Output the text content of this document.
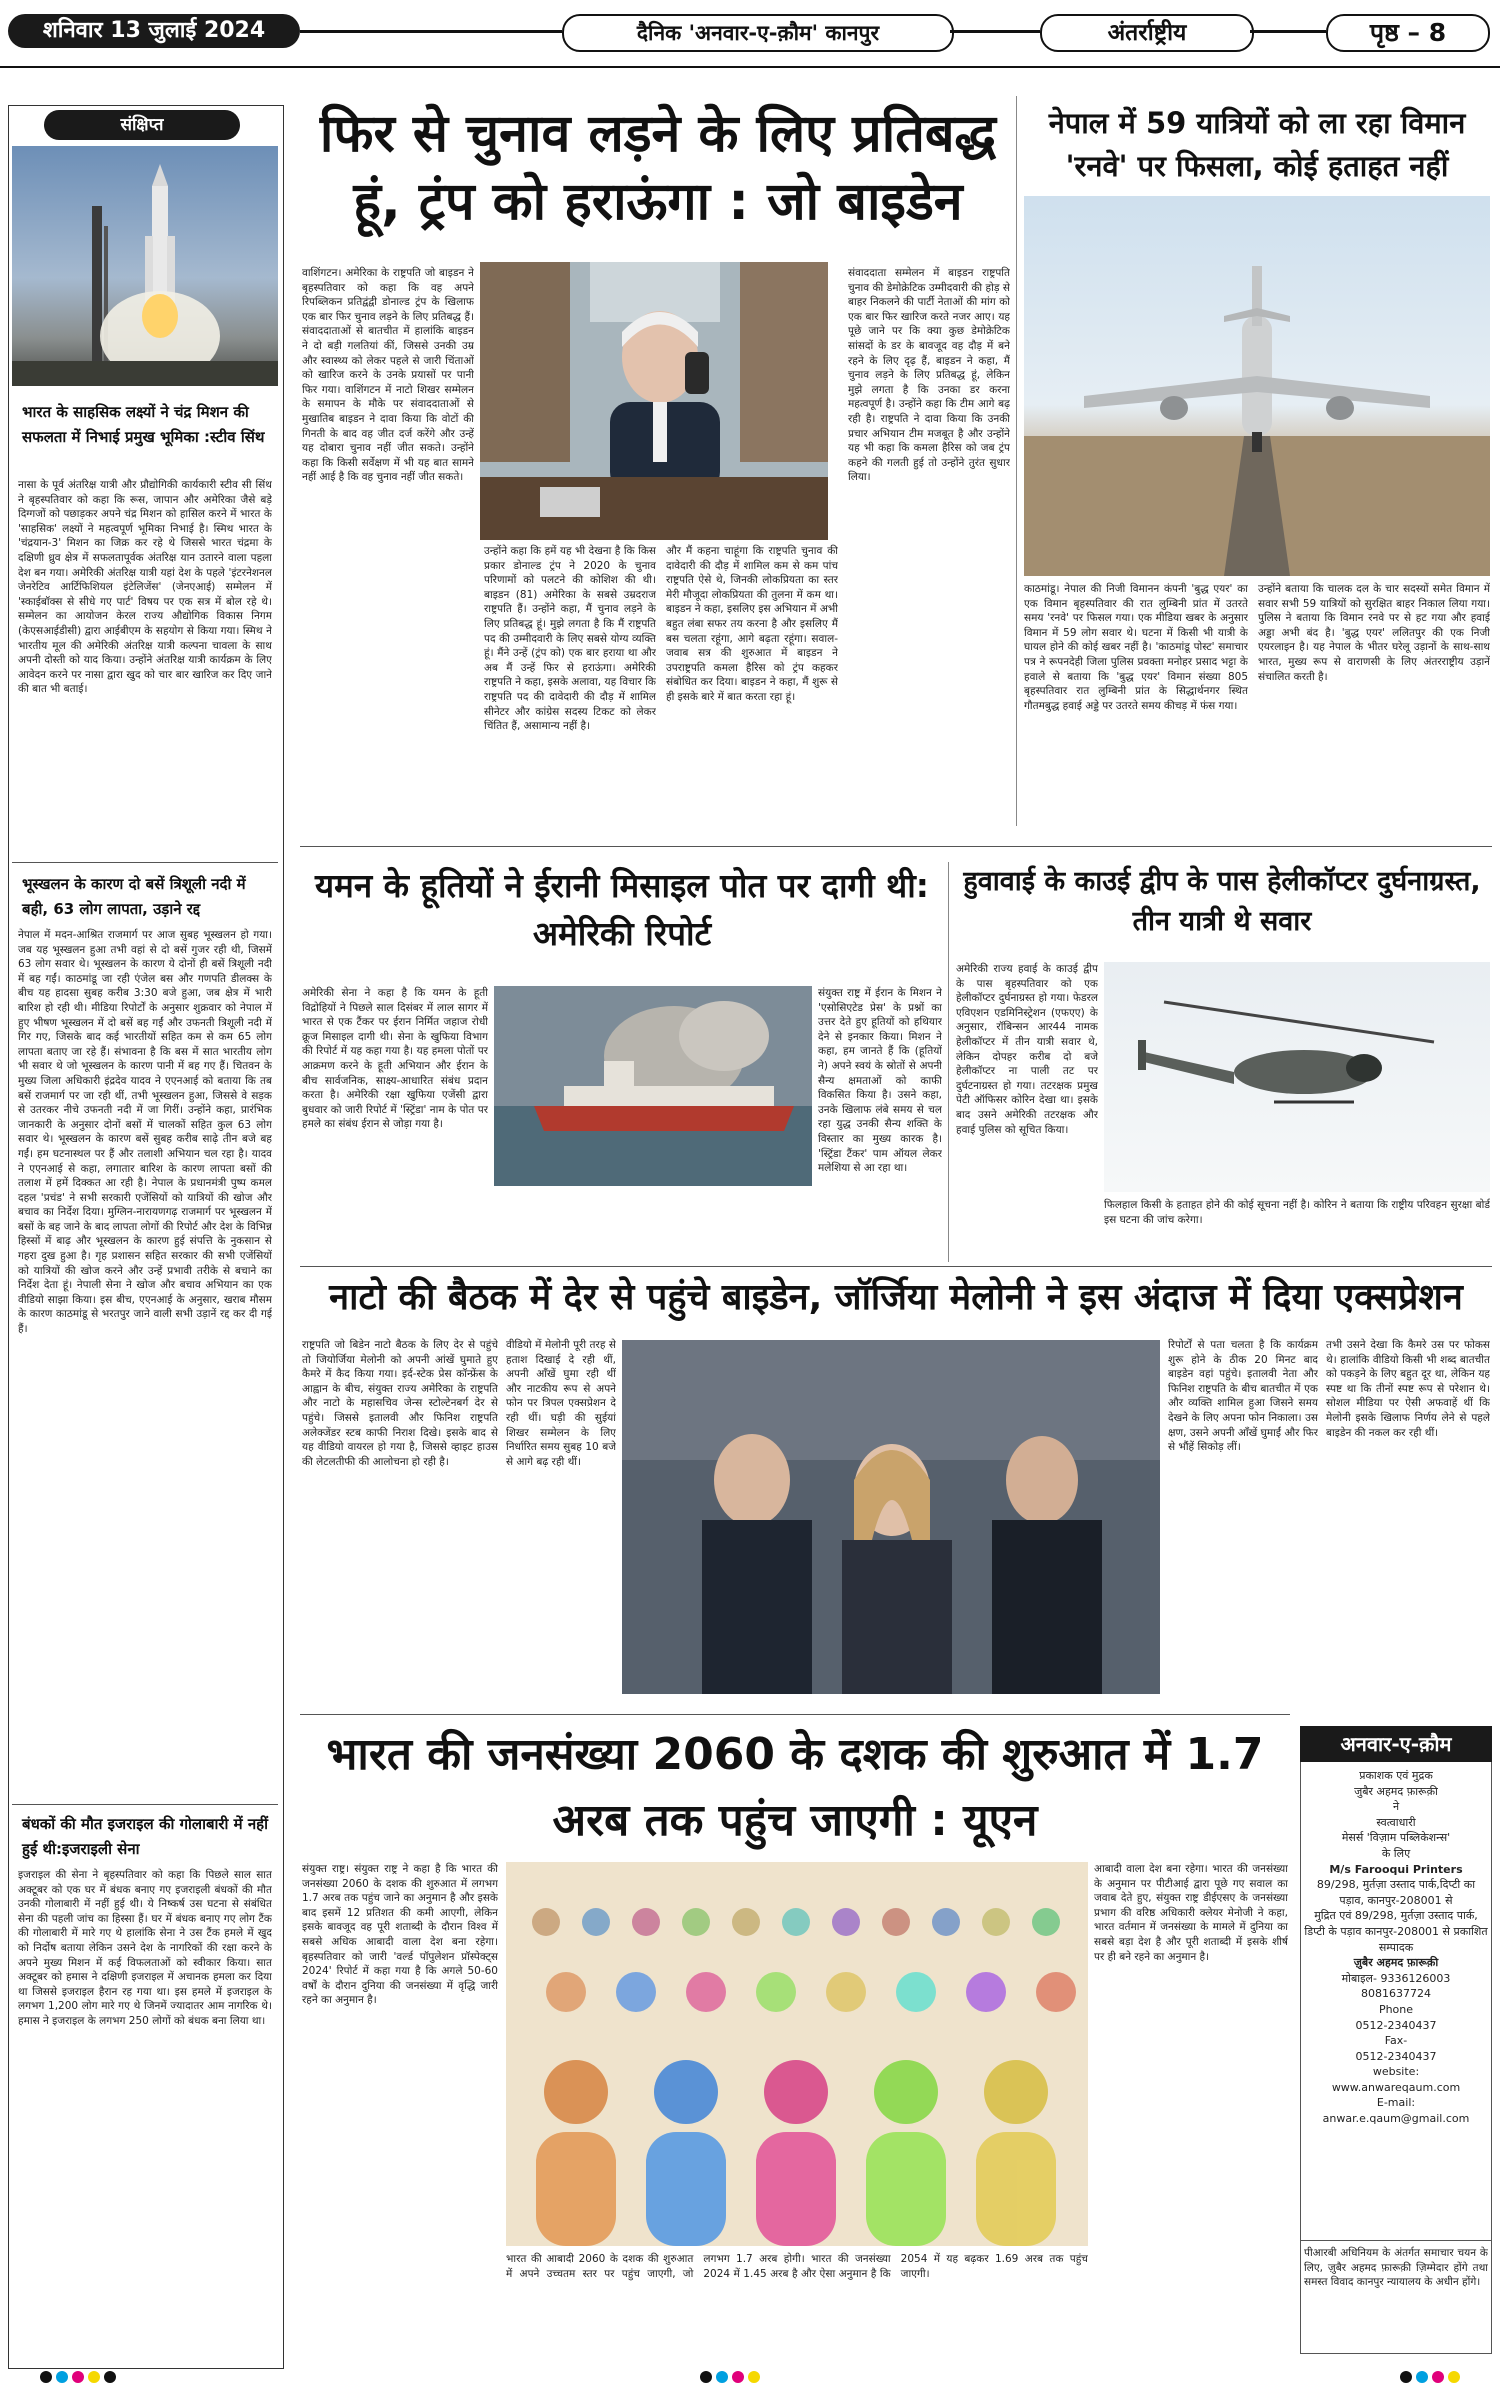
शनिवार 13 जुलाई 2024	दैनिक 'अनवार-ए-क़ौम' कानपुर	अंतर्राष्ट्रीय	पृष्ठ – 8
संक्षिप्त
भारत के साहसिक लक्ष्यों ने चंद्र मिशन की सफलता में निभाई प्रमुख भूमिका :स्टीव सिंथ
नासा के पूर्व अंतरिक्ष यात्री और प्रौद्योगिकी कार्यकारी स्टीव सी सिंथ ने बृहस्पतिवार को कहा कि रूस, जापान और अमेरिका जैसे बड़े दिग्गजों को पछाड़कर अपने चंद्र मिशन को हासिल करने में भारत के 'साहसिक' लक्ष्यों ने महत्वपूर्ण भूमिका निभाई है। स्मिथ भारत के 'चंद्रयान-3' मिशन का जिक्र कर रहे थे जिससे भारत चंद्रमा के दक्षिणी ध्रुव क्षेत्र में सफलतापूर्वक अंतरिक्ष यान उतारने वाला पहला देश बन गया। अमेरिकी अंतरिक्ष यात्री यहां देश के पहले 'इंटरनेशनल जेनरेटिव आर्टिफिशियल इंटेलिजेंस' (जेनएआई) सम्मेलन में 'स्काईबॉक्स से सीधे गए पार्ट' विषय पर एक सत्र में बोल रहे थे। सम्मेलन का आयोजन केरल राज्य औद्योगिक विकास निगम (केएसआईडीसी) द्वारा आईबीएम के सहयोग से किया गया। स्मिथ ने भारतीय मूल की अमेरिकी अंतरिक्ष यात्री कल्पना चावला के साथ अपनी दोस्ती को याद किया। उन्होंने अंतरिक्ष यात्री कार्यक्रम के लिए आवेदन करने पर नासा द्वारा खुद को चार बार खारिज कर दिए जाने की बात भी बताई।
भूस्खलन के कारण दो बसें त्रिशूली नदी में बही, 63 लोग लापता, उड़ाने रद्द
नेपाल में मदन-आश्रित राजमार्ग पर आज सुबह भूस्खलन हो गया। जब यह भूस्खलन हुआ तभी वहां से दो बसें गुजर रही थी, जिसमें 63 लोग सवार थे। भूस्खलन के कारण ये दोनों ही बसें त्रिशूली नदी में बह गईं। काठमांडू जा रही एंजेल बस और गणपति डीलक्स के बीच यह हादसा सुबह करीब 3:30 बजे हुआ, जब क्षेत्र में भारी बारिश हो रही थी। मीडिया रिपोर्टों के अनुसार शुक्रवार को नेपाल में हुए भीषण भूस्खलन में दो बसें बह गईं और उफनती त्रिशूली नदी में गिर गए, जिसके बाद कई भारतीयों सहित कम से कम 65 लोग लापता बताए जा रहे हैं। संभावना है कि बस में सात भारतीय लोग भी सवार थे जो भूस्खलन के कारण पानी में बह गए हैं। चितवन के मुख्य जिला अधिकारी इंद्रदेव यादव ने एएनआई को बताया कि तब बसें राजमार्ग पर जा रही थीं, तभी भूस्खलन हुआ, जिससे वे सड़क से उतरकर नीचे उफनती नदी में जा गिरीं। उन्होंने कहा, प्रारंभिक जानकारी के अनुसार दोनों बसों में चालकों सहित कुल 63 लोग सवार थे। भूस्खलन के कारण बसें सुबह करीब साढ़े तीन बजे बह गईं। हम घटनास्थल पर हैं और तलाशी अभियान चल रहा है। यादव ने एएनआई से कहा, लगातार बारिश के कारण लापता बसों की तलाश में हमें दिक्कत आ रही है। नेपाल के प्रधानमंत्री पुष्प कमल दहल 'प्रचंड' ने सभी सरकारी एजेंसियों को यात्रियों की खोज और बचाव का निर्देश दिया। मुग्लिन-नारायणगढ़ राजमार्ग पर भूस्खलन में बसों के बह जाने के बाद लापता लोगों की रिपोर्ट और देश के विभिन्न हिस्सों में बाढ़ और भूस्खलन के कारण हुई संपत्ति के नुकसान से गहरा दुख हुआ है। गृह प्रशासन सहित सरकार की सभी एजेंसियों को यात्रियों की खोज करने और उन्हें प्रभावी तरीके से बचाने का निर्देश देता हूं। नेपाली सेना ने खोज और बचाव अभियान का एक वीडियो साझा किया। इस बीच, एएनआई के अनुसार, खराब मौसम के कारण काठमांडू से भरतपुर जाने वाली सभी उड़ानें रद्द कर दी गई हैं।
बंधकों की मौत इजराइल की गोलाबारी में नहीं हुई थी:इजराइली सेना
इजराइल की सेना ने बृहस्पतिवार को कहा कि पिछले साल सात अक्टूबर को एक घर में बंधक बनाए गए इजराइली बंधकों की मौत उनकी गोलाबारी में नहीं हुई थी। ये निष्कर्ष उस घटना से संबंधित सेना की पहली जांच का हिस्सा हैं। घर में बंधक बनाए गए लोग टैंक की गोलाबारी में मारे गए थे हालांकि सेना ने उस टैंक हमले में खुद को निर्दोष बताया लेकिन उसने देश के नागरिकों की रक्षा करने के अपने मुख्य मिशन में कई विफलताओं को स्वीकार किया। सात अक्टूबर को हमास ने दक्षिणी इजराइल में अचानक हमला कर दिया था जिससे इजराइल हैरान रह गया था। इस हमले में इजराइल के लगभग 1,200 लोग मारे गए थे जिनमें ज्यादातर आम नागरिक थे। हमास ने इजराइल के लगभग 250 लोगों को बंधक बना लिया था।
फिर से चुनाव लड़ने के लिए प्रतिबद्ध हूं, ट्रंप को हराऊंगा : जो बाइडेन
वाशिंगटन। अमेरिका के राष्ट्रपति जो बाइडन ने बृहस्पतिवार को कहा कि वह अपने रिपब्लिकन प्रतिद्वंद्वी डोनाल्ड ट्रंप के खिलाफ एक बार फिर चुनाव लड़ने के लिए प्रतिबद्ध हैं। संवाददाताओं से बातचीत में हालांकि बाइडन ने दो बड़ी गलतियां कीं, जिससे उनकी उम्र और स्वास्थ्य को लेकर पहले से जारी चिंताओं को खारिज करने के उनके प्रयासों पर पानी फिर गया। वाशिंगटन में नाटो शिखर सम्मेलन के समापन के मौके पर संवाददाताओं से मुखातिब बाइडन ने दावा किया कि वोटों की गिनती के बाद वह जीत दर्ज करेंगे और उन्हें यह दोबारा चुनाव नहीं जीत सकते। उन्होंने कहा कि किसी सर्वेक्षण में भी यह बात सामने नहीं आई है कि वह चुनाव नहीं जीत सकते।
उन्होंने कहा कि हमें यह भी देखना है कि किस प्रकार डोनाल्ड ट्रंप ने 2020 के चुनाव परिणामों को पलटने की कोशिश की थी। बाइडन (81) अमेरिका के सबसे उम्रदराज राष्ट्रपति हैं। उन्होंने कहा, मैं चुनाव लड़ने के लिए प्रतिबद्ध हूं। मुझे लगता है कि मैं राष्ट्रपति पद की उम्मीदवारी के लिए सबसे योग्य व्यक्ति हूं। मैंने उन्हें (ट्रंप को) एक बार हराया था और अब मैं उन्हें फिर से हराऊंगा। अमेरिकी राष्ट्रपति ने कहा, इसके अलावा, यह विचार कि राष्ट्रपति पद की दावेदारी की दौड़ में शामिल सीनेटर और कांग्रेस सदस्य टिकट को लेकर चिंतित हैं, असामान्य नहीं है।
और मैं कहना चाहूंगा कि राष्ट्रपति चुनाव की दावेदारी की दौड़ में शामिल कम से कम पांच राष्ट्रपति ऐसे थे, जिनकी लोकप्रियता का स्तर मेरी मौजूदा लोकप्रियता की तुलना में कम था। बाइडन ने कहा, इसलिए इस अभियान में अभी बहुत लंबा सफर तय करना है और इसलिए मैं बस चलता रहूंगा, आगे बढ़ता रहूंगा। सवाल-जवाब सत्र की शुरुआत में बाइडन ने उपराष्ट्रपति कमला हैरिस को ट्रंप कहकर संबोधित कर दिया। बाइडन ने कहा, मैं शुरू से ही इसके बारे में बात करता रहा हूं।
संवाददाता सम्मेलन में बाइडन राष्ट्रपति चुनाव की डेमोक्रेटिक उम्मीदवारी की होड़ से बाहर निकलने की पार्टी नेताओं की मांग को एक बार फिर खारिज करते नजर आए। यह पूछे जाने पर कि क्या कुछ डेमोक्रेटिक सांसदों के डर के बावजूद वह दौड़ में बने रहने के लिए दृढ़ हैं, बाइडन ने कहा, मैं चुनाव लड़ने के लिए प्रतिबद्ध हूं, लेकिन मुझे लगता है कि उनका डर करना महत्वपूर्ण है। उन्होंने कहा कि टीम आगे बढ़ रही है। राष्ट्रपति ने दावा किया कि उनकी प्रचार अभियान टीम मजबूत है और उन्होंने यह भी कहा कि कमला हैरिस को जब ट्रंप कहने की गलती हुई तो उन्होंने तुरंत सुधार लिया।
नेपाल में 59 यात्रियों को ला रहा विमान 'रनवे' पर फिसला, कोई हताहत नहीं
काठमांडू। नेपाल की निजी विमानन कंपनी 'बुद्ध एयर' का एक विमान बृहस्पतिवार की रात लुम्बिनी प्रांत में उतरते समय 'रनवे' पर फिसल गया। एक मीडिया खबर के अनुसार विमान में 59 लोग सवार थे। घटना में किसी भी यात्री के घायल होने की कोई खबर नहीं है। 'काठमांडू पोस्ट' समाचार पत्र ने रूपनदेही जिला पुलिस प्रवक्ता मनोहर प्रसाद भट्टा के हवाले से बताया कि 'बुद्ध एयर' विमान संख्या 805 बृहस्पतिवार रात लुम्बिनी प्रांत के सिद्धार्थनगर स्थित गौतमबुद्ध हवाई अड्डे पर उतरते समय कीचड़ में फंस गया।
उन्होंने बताया कि चालक दल के चार सदस्यों समेत विमान में सवार सभी 59 यात्रियों को सुरक्षित बाहर निकाल लिया गया। पुलिस ने बताया कि विमान रनवे पर से हट गया और हवाई अड्डा अभी बंद है। 'बुद्ध एयर' ललितपुर की एक निजी एयरलाइन है। यह नेपाल के भीतर घरेलू उड़ानों के साथ-साथ भारत, मुख्य रूप से वाराणसी के लिए अंतरराष्ट्रीय उड़ानें संचालित करती है।
यमन के हूतियों ने ईरानी मिसाइल पोत पर दागी थी: अमेरिकी रिपोर्ट
अमेरिकी सेना ने कहा है कि यमन के हूती विद्रोहियों ने पिछले साल दिसंबर में लाल सागर में भारत से एक टैंकर पर ईरान निर्मित जहाज रोधी क्रूज मिसाइल दागी थी। सेना के खुफिया विभाग की रिपोर्ट में यह कहा गया है। यह हमला पोतों पर आक्रमण करने के हूती अभियान और ईरान के बीच सार्वजनिक, साक्ष्य-आधारित संबंध प्रदान करता है। अमेरिकी रक्षा खुफिया एजेंसी द्वारा बुधवार को जारी रिपोर्ट में 'स्ट्रिंडा' नाम के पोत पर हमले का संबंध ईरान से जोड़ा गया है।
संयुक्त राष्ट्र में ईरान के मिशन ने 'एसोसिएटेड प्रेस' के प्रश्नों का उत्तर देते हुए हूतियों को हथियार देने से इनकार किया। मिशन ने कहा, हम जानते हैं कि (हूतियों ने) अपने स्वयं के स्रोतों से अपनी सैन्य क्षमताओं को काफी विकसित किया है। उसने कहा, उनके खिलाफ लंबे समय से चल रहा युद्ध उनकी सैन्य शक्ति के विस्तार का मुख्य कारक है। 'स्ट्रिंडा टैंकर' पाम ऑयल लेकर मलेशिया से आ रहा था।
हुवावाई के काउई द्वीप के पास हेलीकॉप्टर दुर्घनाग्रस्त, तीन यात्री थे सवार
अमेरिकी राज्य हवाई के काउई द्वीप के पास बृहस्पतिवार को एक हेलीकॉप्टर दुर्घनाग्रस्त हो गया। फेडरल एविएशन एडमिनिस्ट्रेशन (एफएए) के अनुसार, रॉबिन्सन आर44 नामक हेलीकॉप्टर में तीन यात्री सवार थे, लेकिन दोपहर करीब दो बजे हेलीकॉप्टर ना पाली तट पर दुर्घटनाग्रस्त हो गया। तटरक्षक प्रमुख पेटी ऑफिसर कोरिन देखा था। इसके बाद उसने अमेरिकी तटरक्षक और हवाई पुलिस को सूचित किया।
फिलहाल किसी के हताहत होने की कोई सूचना नहीं है। कोरिन ने बताया कि राष्ट्रीय परिवहन सुरक्षा बोर्ड इस घटना की जांच करेगा।
नाटो की बैठक में देर से पहुंचे बाइडेन, जॉर्जिया मेलोनी ने इस अंदाज में दिया एक्सप्रेशन
राष्ट्रपति जो बिडेन नाटो बैठक के लिए देर से पहुंचे तो जियोर्जिया मेलोनी को अपनी आंखें घुमाते हुए कैमरे में कैद किया गया। इर्द-स्टेक प्रेस कॉन्फ्रेंस के आह्वान के बीच, संयुक्त राज्य अमेरिका के राष्ट्रपति और नाटो के महासचिव जेन्स स्टोल्टेनबर्ग देर से पहुंचे। जिससे इतालवी और फिनिश राष्ट्रपति अलेक्जेंडर स्टब काफी निराश दिखे। इसके बाद से यह वीडियो वायरल हो गया है, जिससे व्हाइट हाउस की लेटलतीफी की आलोचना हो रही है।
वीडियो में मेलोनी पूरी तरह से हताश दिखाई दे रही थीं, अपनी आँखें घुमा रही थीं और नाटकीय रूप से अपने फोन पर त्रिपल एक्सप्रेशन दे रही थीं। घड़ी की सुईयां शिखर सम्मेलन के लिए निर्धारित समय सुबह 10 बजे से आगे बढ़ रही थीं।
रिपोर्टों से पता चलता है कि कार्यक्रम शुरू होने के ठीक 20 मिनट बाद बाइडेन वहां पहुंचे। इतालवी नेता और फिनिश राष्ट्रपति के बीच बातचीत में एक और व्यक्ति शामिल हुआ जिसने समय देखने के लिए अपना फोन निकाला। उस क्षण, उसने अपनी आँखें घुमाईं और फिर से भौंहें सिकोड़ लीं।
तभी उसने देखा कि कैमरे उस पर फोकस थे। हालांकि वीडियो किसी भी शब्द बातचीत को पकड़ने के लिए बहुत दूर था, लेकिन यह स्पष्ट था कि तीनों स्पष्ट रूप से परेशान थे। सोशल मीडिया पर ऐसी अफवाहें थीं कि मेलोनी इसके खिलाफ निर्णय लेने से पहले बाइडेन की नकल कर रही थीं।
भारत की जनसंख्या 2060 के दशक की शुरुआत में 1.7 अरब तक पहुंच जाएगी : यूएन
संयुक्त राष्ट्र। संयुक्त राष्ट्र ने कहा है कि भारत की जनसंख्या 2060 के दशक की शुरुआत में लगभग 1.7 अरब तक पहुंच जाने का अनुमान है और इसके बाद इसमें 12 प्रतिशत की कमी आएगी, लेकिन इसके बावजूद वह पूरी शताब्दी के दौरान विश्व में सबसे अधिक आबादी वाला देश बना रहेगा। बृहस्पतिवार को जारी 'वर्ल्ड पॉपुलेशन प्रॉस्पेक्ट्स 2024' रिपोर्ट में कहा गया है कि अगले 50-60 वर्षों के दौरान दुनिया की जनसंख्या में वृद्धि जारी रहने का अनुमान है।
भारत की आबादी 2060 के दशक की शुरुआत में अपने उच्चतम स्तर पर पहुंच जाएगी, जो लगभग 1.7 अरब होगी। भारत की जनसंख्या 2024 में 1.45 अरब है और ऐसा अनुमान है कि 2054 में यह बढ़कर 1.69 अरब तक पहुंच जाएगी।
आबादी वाला देश बना रहेगा। भारत की जनसंख्या के अनुमान पर पीटीआई द्वारा पूछे गए सवाल का जवाब देते हुए, संयुक्त राष्ट्र डीईएसए के जनसंख्या प्रभाग की वरिष्ठ अधिकारी क्लेयर मेनोजी ने कहा, भारत वर्तमान में जनसंख्या के मामले में दुनिया का सबसे बड़ा देश है और पूरी शताब्दी में इसके शीर्ष पर ही बने रहने का अनुमान है।
अनवार-ए-क़ौम
प्रकाशक एवं मुद्रक
जुबैर अहमद फ़ारूक़ी
ने
स्वत्वाधारी
मेसर्स 'विज़ाम पब्लिकेशन्स'
के लिए
M/s Farooqui Printers
89/298, मुर्तज़ा उस्ताद पार्क,दिप्टी का पड़ाव, कानपुर-208001 से
मुद्रित एवं 89/298, मुर्तज़ा उस्ताद पार्क, डिप्टी के पड़ाव कानपुर-208001 से प्रकाशित
सम्पादक
ज़ुबैर अहमद फ़ारूक़ी
मोबाइल- 9336126003
8081637724
Phone
0512-2340437
Fax-
0512-2340437
website:
www.anwareqaum.com
E-mail:
anwar.e.qaum@gmail.com
पीआरबी अधिनियम के अंतर्गत समाचार चयन के लिए, ज़ुबैर अहमद फ़ारूक़ी ज़िम्मेदार होंगे तथा समस्त विवाद कानपुर न्यायालय के अधीन होंगे।
